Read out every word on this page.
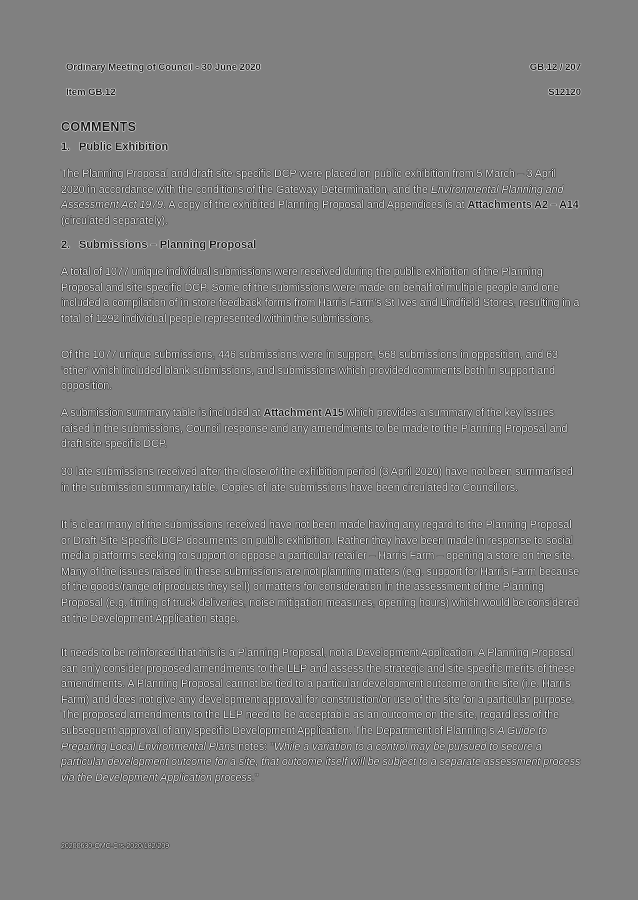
Ordinary Meeting of Council - 30 June 2020	GB.12 / 207
Item GB.12	S12120
COMMENTS
1. Public Exhibition
The Planning Proposal and draft site-specific DCP were placed on public exhibition from 5 March – 3 April 2020 in accordance with the conditions of the Gateway Determination, and the Environmental Planning and Assessment Act 1979. A copy of the exhibited Planning Proposal and Appendices is at Attachments A2 – A14 (circulated separately).
2. Submissions – Planning Proposal
A total of 1077 unique individual submissions were received during the public exhibition of the Planning Proposal and site-specific DCP. Some of the submissions were made on behalf of multiple people and one included a compilation of in-store feedback forms from Harris Farm's St Ives and Lindfield Stores, resulting in a total of 1292 individual people represented within the submissions.
Of the 1077 unique submissions, 446 submissions were in support, 568 submissions in opposition, and 63 'other' which included blank submissions, and submissions which provided comments both in support and opposition.
A submission summary table is included at Attachment A15 which provides a summary of the key issues raised in the submissions, Council response and any amendments to be made to the Planning Proposal and draft site-specific DCP.
30 late submissions received after the close of the exhibition period (3 April 2020) have not been summarised in the submission summary table. Copies of late submissions have been circulated to Councillors.
It is clear many of the submissions received have not been made having any regard to the Planning Proposal or Draft-Site Specific DCP documents on public exhibition. Rather they have been made in response to social media platforms seeking to support or oppose a particular retailer – Harris Farm – opening a store on the site. Many of the issues raised in these submissions are not planning matters (e.g. support for Harris Farm because of the goods/range of products they sell) or matters for consideration in the assessment of the Planning Proposal (e.g. timing of truck deliveries, noise mitigation measures, opening hours) which would be considered at the Development Application stage.
It needs to be reinforced that this is a Planning Proposal, not a Development Application. A Planning Proposal can only consider proposed amendments to the LEP and assess the strategic and site specific merits of these amendments. A Planning Proposal cannot be tied to a particular development outcome on the site (i.e. Harris Farm) and does not give any development approval for construction/or use of the site for a particular purpose. The proposed amendments to the LEP need to be acceptable as an outcome on the site, regardless of the subsequent approval of any specific Development Application. The Department of Planning's A Guide to Preparing Local Environmental Plans notes: "While a variation to a control may be pursued to secure a particular development outcome for a site, that outcome itself will be subject to a separate assessment process via the Development Application process."
20200630-OMC-Crs-2020/182/209
